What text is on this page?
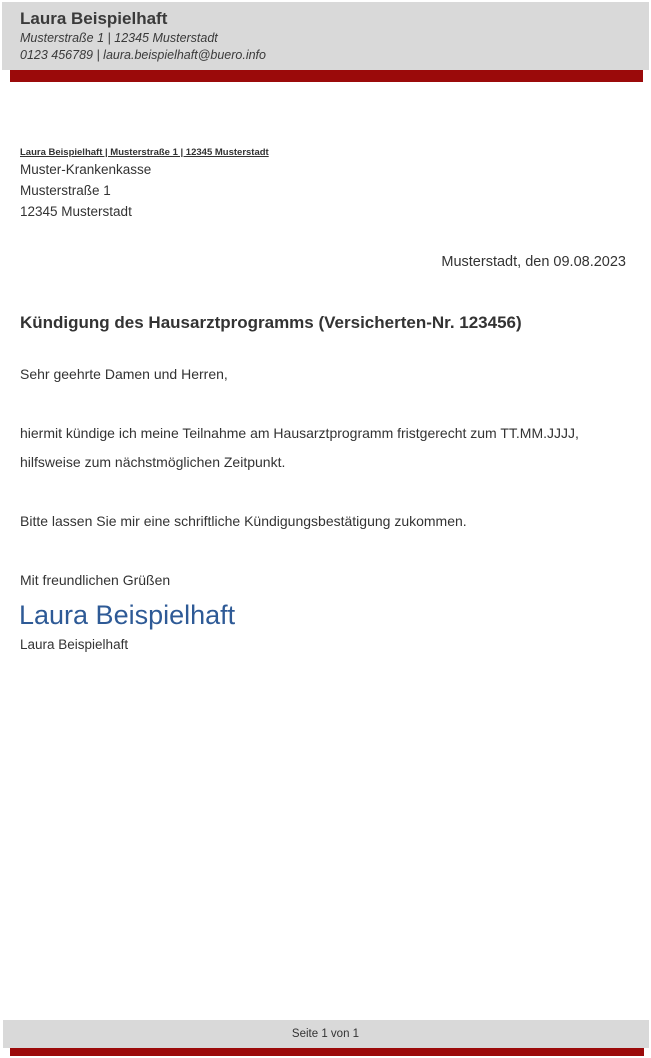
Laura Beispielhaft
Musterstraße 1 | 12345 Musterstadt
0123 456789 | laura.beispielhaft@buero.info
Laura Beispielhaft | Musterstraße 1 | 12345 Musterstadt
Muster-Krankenkasse
Musterstraße 1
12345 Musterstadt
Musterstadt, den 09.08.2023
Kündigung des Hausarztprogramms (Versicherten-Nr. 123456)
Sehr geehrte Damen und Herren,
hiermit kündige ich meine Teilnahme am Hausarztprogramm fristgerecht zum TT.MM.JJJJ,
hilfsweise zum nächstmöglichen Zeitpunkt.
Bitte lassen Sie mir eine schriftliche Kündigungsbestätigung zukommen.
Mit freundlichen Grüßen
Laura Beispielhaft
Laura Beispielhaft
Seite 1 von 1
